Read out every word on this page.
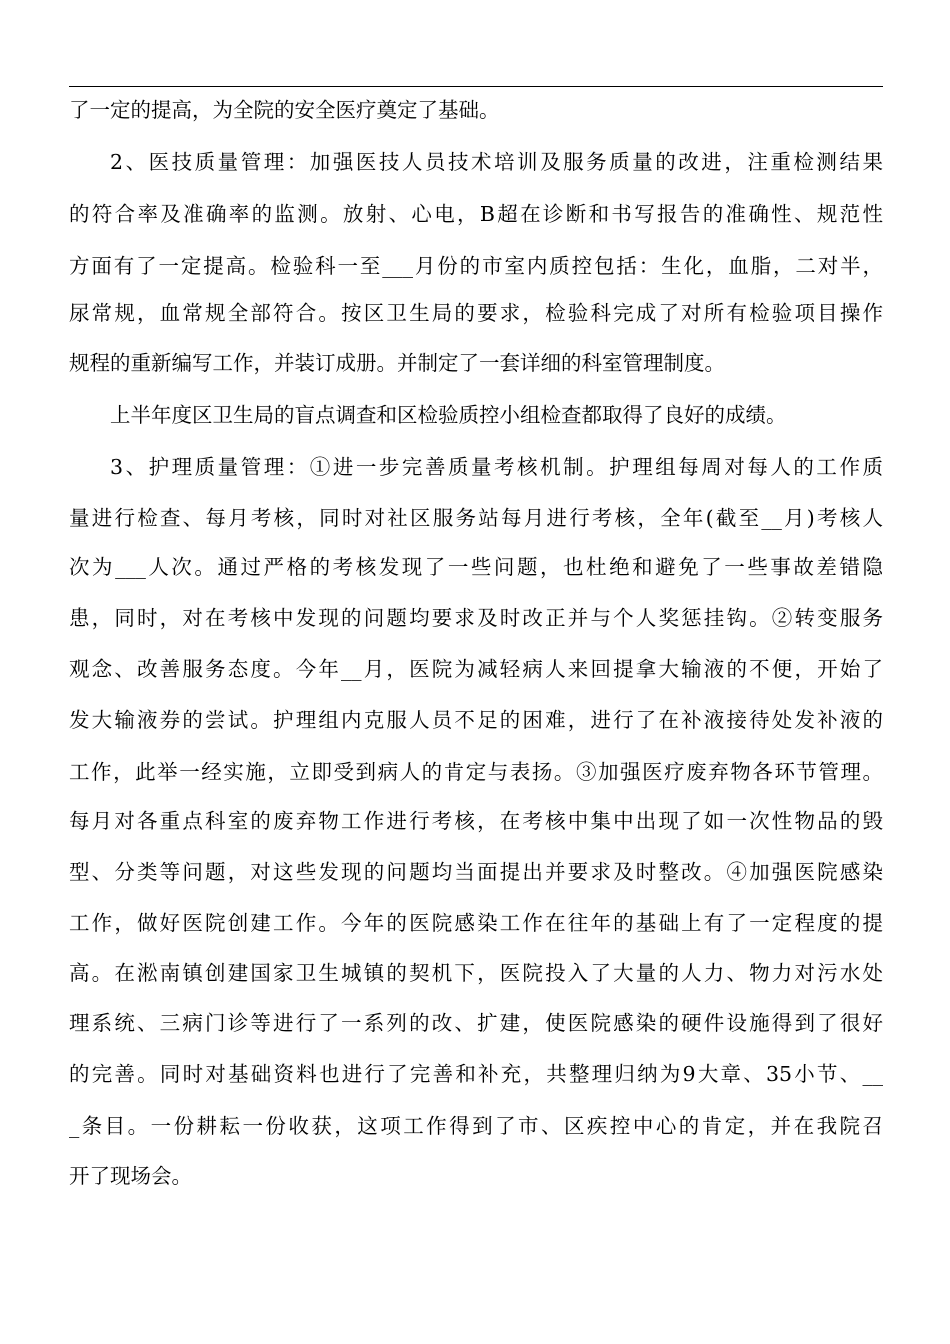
了一定的提高，为全院的安全医疗奠定了基础。
2、医技质量管理：加强医技人员技术培训及服务质量的改进，注重检测结果
的符合率及准确率的监测。放射、心电，B超在诊断和书写报告的准确性、规范性
方面有了一定提高。检验科一至___月份的市室内质控包括：生化，血脂，二对半，
尿常规，血常规全部符合。按区卫生局的要求，检验科完成了对所有检验项目操作
规程的重新编写工作，并装订成册。并制定了一套详细的科室管理制度。
上半年度区卫生局的盲点调查和区检验质控小组检查都取得了良好的成绩。
3、护理质量管理：①进一步完善质量考核机制。护理组每周对每人的工作质
量进行检查、每月考核，同时对社区服务站每月进行考核，全年(截至__月)考核人
次为___人次。通过严格的考核发现了一些问题，也杜绝和避免了一些事故差错隐
患，同时，对在考核中发现的问题均要求及时改正并与个人奖惩挂钩。②转变服务
观念、改善服务态度。今年__月，医院为减轻病人来回提拿大输液的不便，开始了
发大输液券的尝试。护理组内克服人员不足的困难，进行了在补液接待处发补液的
工作，此举一经实施，立即受到病人的肯定与表扬。③加强医疗废弃物各环节管理。
每月对各重点科室的废弃物工作进行考核，在考核中集中出现了如一次性物品的毁
型、分类等问题，对这些发现的问题均当面提出并要求及时整改。④加强医院感染
工作，做好医院创建工作。今年的医院感染工作在往年的基础上有了一定程度的提
高。在淞南镇创建国家卫生城镇的契机下，医院投入了大量的人力、物力对污水处
理系统、三病门诊等进行了一系列的改、扩建，使医院感染的硬件设施得到了很好
的完善。同时对基础资料也进行了完善和补充，共整理归纳为9大章、35小节、__
_条目。一份耕耘一份收获，这项工作得到了市、区疾控中心的肯定，并在我院召
开了现场会。
